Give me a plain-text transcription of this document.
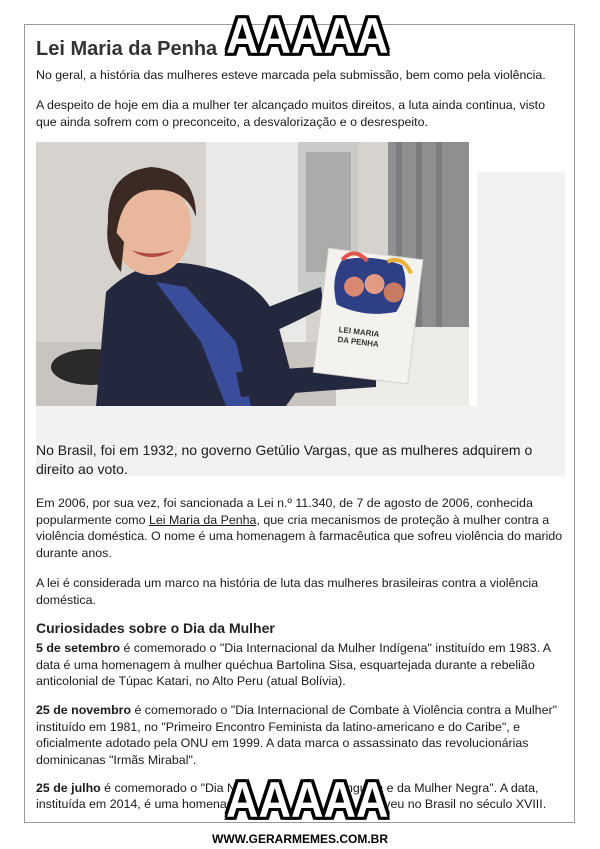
Lei Maria da Penha

No geral, a história das mulheres esteve marcada pela submissão, bem como pela violência.

A despeito de hoje em dia a mulher ter alcançado muitos direitos, a luta ainda continua, visto que ainda sofrem com o preconceito, a desvalorização e o desrespeito.

LEI MARIA
DA PENHA

No Brasil, foi em 1932, no governo Getúlio Vargas, que as mulheres adquirem o direito ao voto.

Em 2006, por sua vez, foi sancionada a Lei n.º 11.340, de 7 de agosto de 2006, conhecida popularmente como Lei Maria da Penha, que cria mecanismos de proteção à mulher contra a violência doméstica. O nome é uma homenagem à farmacêutica que sofreu violência do marido durante anos.

A lei é considerada um marco na história de luta das mulheres brasileiras contra a violência doméstica.

Curiosidades sobre o Dia da Mulher

5 de setembro é comemorado o "Dia Internacional da Mulher Indígena" instituído em 1983. A data é uma homenagem à mulher quéchua Bartolina Sisa, esquartejada durante a rebelião anticolonial de Túpac Katari, no Alto Peru (atual Bolívia).

25 de novembro é comemorado o "Dia Internacional de Combate à Violência contra a Mulher" instituído em 1981, no "Primeiro Encontro Feminista da latino-americano e do Caribe", e oficialmente adotado pela ONU em 1999. A data marca o assassinato das revolucionárias dominicanas "Irmãs Mirabal".

25 de julho é comemorado o "Dia N	nguela e da Mulher Negra". A data,

instituída em 2014, é uma homenag	e viveu no Brasil no século XVIII.

AAAAA
AAAAA
WWW.GERARMEMES.COM.BR
